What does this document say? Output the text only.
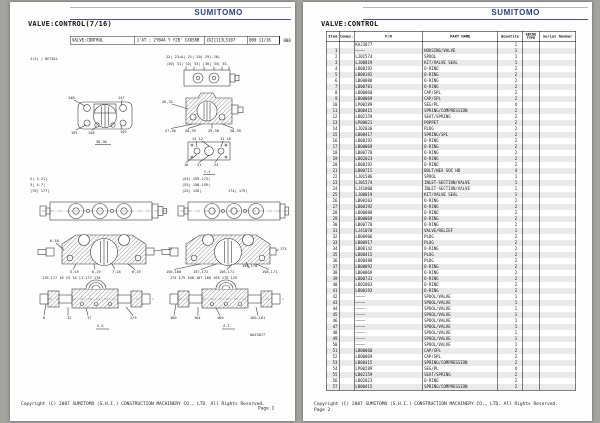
SUMITOMO
VALVE:CONTROL(7/16)
VALVE:CONTROL	1'AT ; 2YB4A Y Y2B' CX858B ZAJ1113L5107	000 11/16	000
J(S) / DETAIL	22| 23+A| 21|-20| 25|-20|
|30| 31| 32| 33| |36| 34| 35.
148	147
155	148	149
3K-3K
26,32
27,40	28,39	29,38	28,39
13 12	11 10
16 31	24
Y-Y
2| 3-21|
3| 4-7|
|76| 177|
|54| 159-173|
|55| 158-159|
|25| 126|	174| 175|
6,18
21
5,19	6,19	7,18	6,19	156,160	157,172	156,171
159,170
158,171
173
176 177 16 15 14 11 177 176	174 175 168 167 166 165 176 125
8	12	17	2/9	160	164	160	160,161
X-X	Z-Z
KAJ3077
Copyright (C) 2007 SUMITOMO (S.H.I.) CONSTRUCTION MACHINERY CO., LTD. All Rights Reserved.
Page 1
SUMITOMO
VALVE:CONTROL
Item Comps.	P/N	PART NAME	Quantity ABCDE TYPE	Serial Number
KAJ3077	1
1 ————	HOUSING/VALVE	1
2 LJ01574	SPOOL	1
3 LJ00819	KIT/VALVE SEAL	1
4 LB00192	O-RING	2
5 LB00192	O-RING	2
6 LB00088	O-RING	2
7 LB00781	O-RING	2
8 LB00060	CAP/SPL	2
9 LB00069	CAP/SPL	2
10 LP00289	SEG/PL	4
11 LB00415	SPRING/COMPRESSION	2
12 LB02159	SEAT/SPRING	2
13 LP00821	POPPET	2
14 LJ02036	PLUG	2
15 LB00417	SPRING/SPL	2
16 LB00192	O-RING	2
17 LB00069	O-RING	2
18 LB00770	O-RING	2
19 LB02023	O-RING	2
20 LB00192	O-RING	2
21 LB00715	BOLT/HEX SOC HD	4
22 LJ01586	SPOOL	1
23 LJ01574	INLET-SECTION/VALVE	1
24 LJ41000	INLET-SECTION/VALVE	1
25 LJ00819	KIT/VALVE SEAL	1
26 LB00203	O-RING	2
27 LB00192	O-RING	2
28 LB00088	O-RING	2
29 LB00069	O-RING	2
30 LB00770	O-RING	2
31 LJ41070	VALVE/RELIEF	1
32 LB00906	PLUG	2
33 LB00917	PLUG	2
34 LB00142	O-RING	2
35 LB00415	PLUG	2
36 LB00488	PLUG	2
37 LB00092	O-RING	2
38 LB00069	O-RING	2
39 LB00731	O-RING	2
40 LB02003	O-RING	2
41 LB00192	O-RING	2
42 ————	SPOOL/VALVE	1
43 ————	SPOOL/VALVE	1
44 ————	SPOOL/VALVE	1
45 ————	SPOOL/VALVE	1
46 ————	SPOOL/VALVE	1
47 ————	SPOOL/VALVE	1
48 ————	SPOOL/VALVE	1
49 ————	SPOOL/VALVE	1
50 ————	SPOOL/VALVE	1
51 LB00060	CAP/SPL	2
52 LB00069	CAP/SPL	2
53 LB00415	SPRING/COMPRESSION	2
54 LP00289	SEG/PL	4
55 LB02159	SEAT/SPRING	2
56 LB02023	O-RING	2
57 LB00415	SPRING/COMPRESSION	2
Copyright (C) 2007 SUMITOMO (S.H.I.) CONSTRUCTION MACHINERY CO., LTD. All Rights Reserved.
Page 2
